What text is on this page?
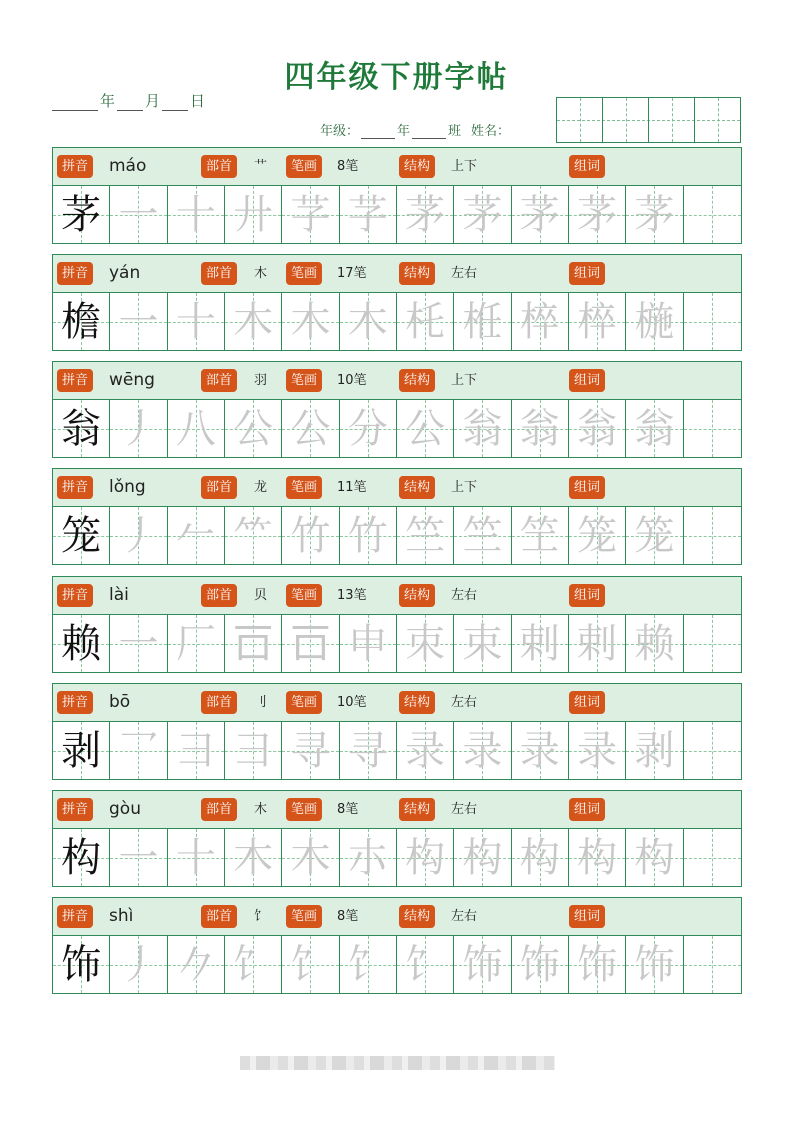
四年级下册字帖
年 月 日
年级：	年	班 姓名：
拼音 máo	部首	艹	笔画	8笔	结构	上下	组词
茅 一 十 廾 芓 芓 茅 茅 茅 茅 茅
拼音 yán	部首	木	笔画	17笔	结构	左右	组词
檐 一 十 木 木 木 杔 栣 椊 椊 椸
拼音 wēng	部首	羽	笔画	10笔	结构	上下	组词
翁 丿 八 公 公 分 公 翁 翁 翁 翁
拼音 lǒng	部首	龙	笔画	11笔	结构	上下	组词
笼 丿 𠂉 ⺮ 竹 竹 竺 竺 笁 笼 笼
拼音 lài	部首	贝	笔画	13笔	结构	左右	组词
赖 一 厂 𠮛 𠮛 申 朿 束 剌 剌 赖
拼音 bō	部首	刂	笔画	10笔	结构	左右	组词
剥 乛 彐 彐 寻 寻 录 录 录 录 剥
拼音 gòu	部首	木	笔画	8笔	结构	左右	组词
构 一 十 木 木 朩 构 构 构 构 构
拼音 shì	部首	饣	笔画	8笔	结构	左右	组词
饰 丿 𠂊 饣 饣 饣 饣 饰 饰 饰 饰
